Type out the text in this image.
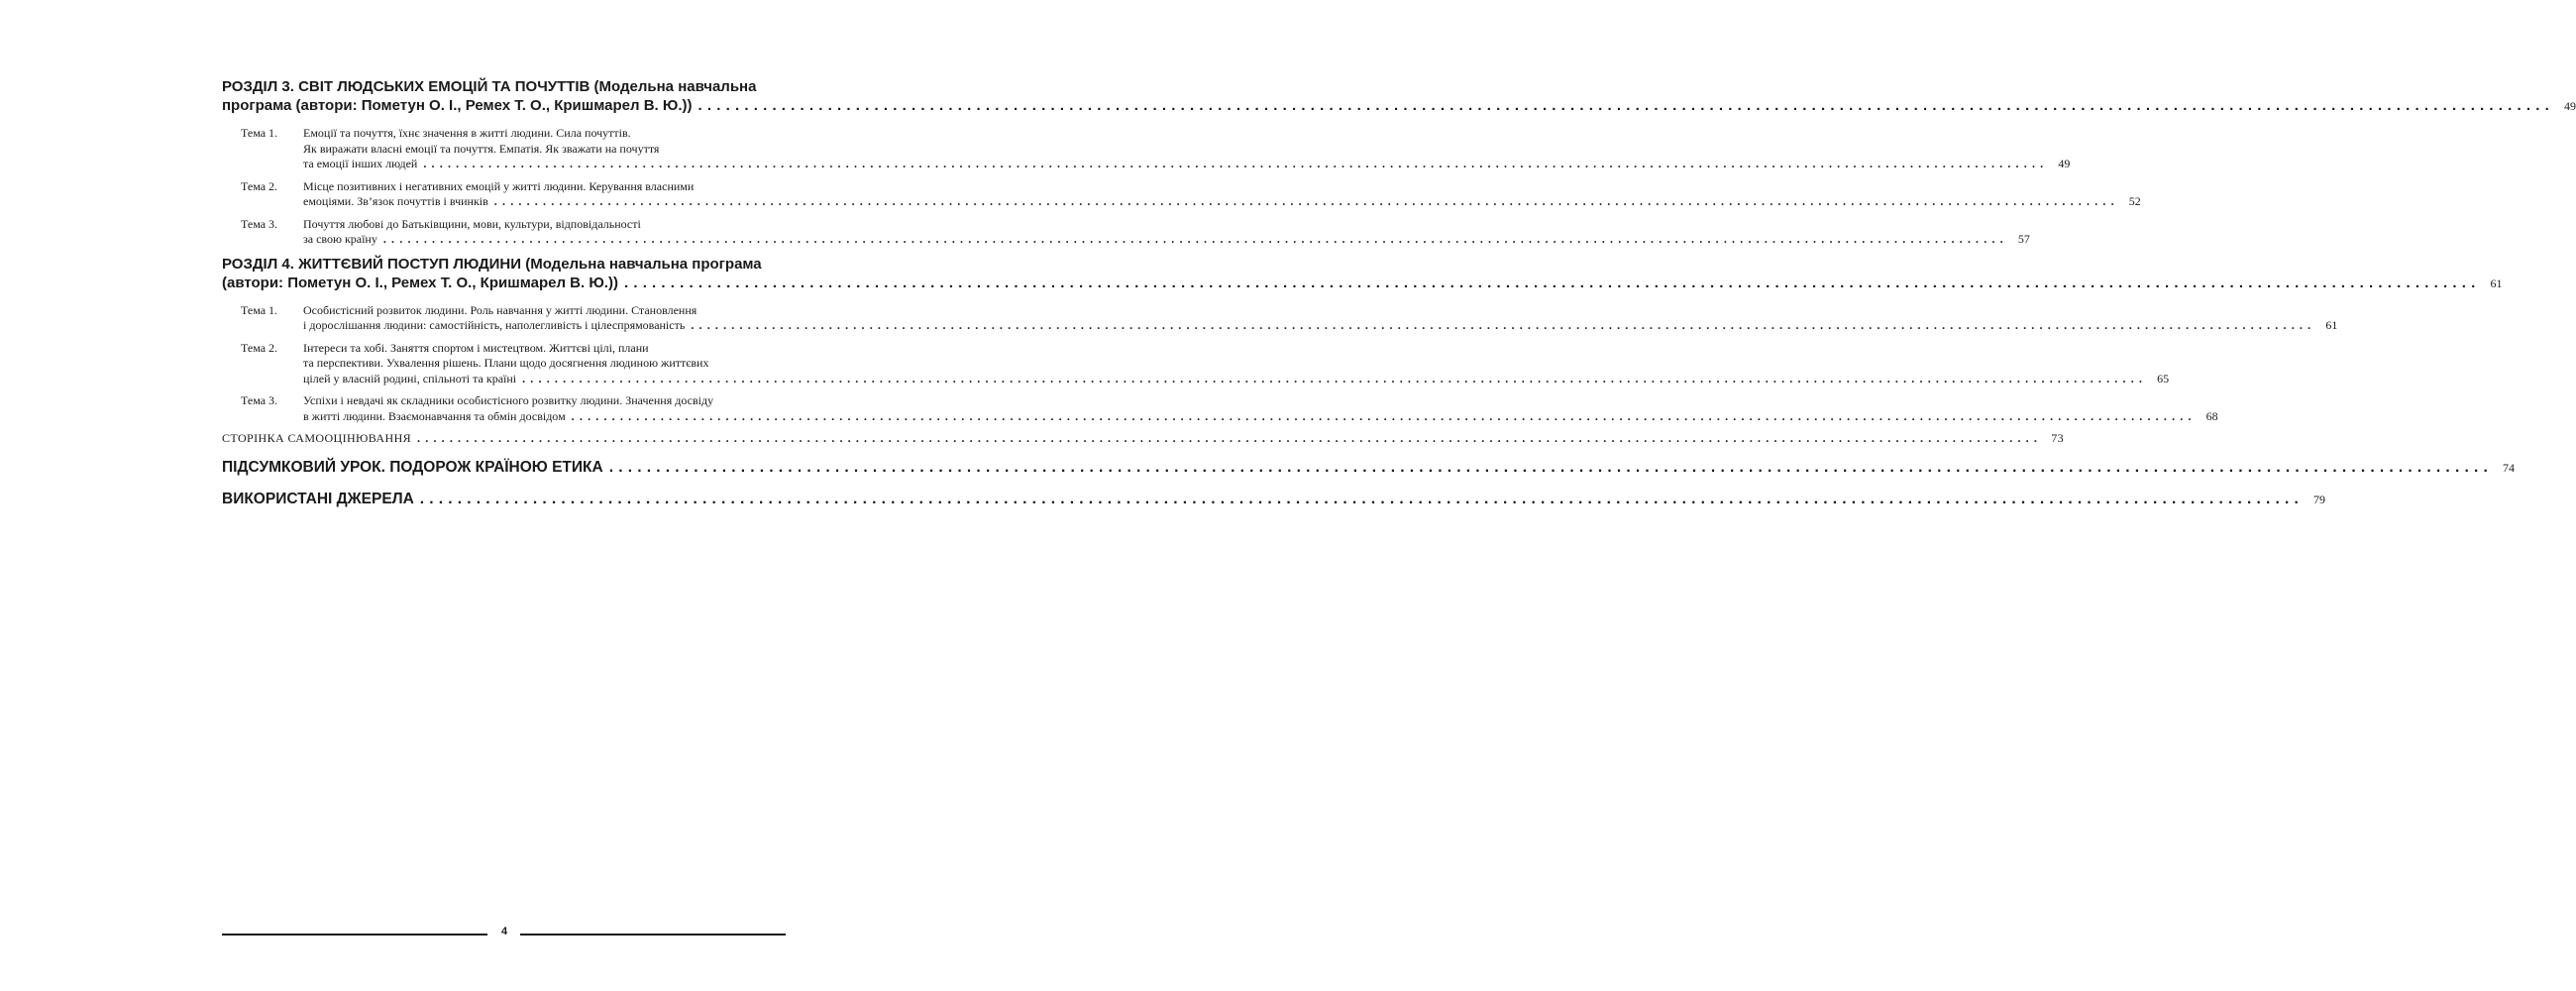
РОЗДІЛ 3. СВІТ ЛЮДСЬКИХ ЕМОЦІЙ ТА ПОЧУТТІВ (Модельна навчальна
програма (автори: Пометун О. І., Ремех Т. О., Кришмарел В. Ю.)) ........................................................................................................................................................................................................ 49
Тема 1.	Емоції та почуття, їхнє значення в житті людини. Сила почуттів.
Як виражати власні емоції та почуття. Емпатія. Як зважати на почуття
та емоції інших людей ........................................................................................................................................................................................................ 49
Тема 2.	Місце позитивних і негативних емоцій у житті людини. Керування власними
емоціями. Зв’язок почуттів і вчинків ........................................................................................................................................................................................................ 52
Тема 3.	Почуття любові до Батьківщини, мови, культури, відповідальності
за свою країну ........................................................................................................................................................................................................ 57
РОЗДІЛ 4. ЖИТТЄВИЙ ПОСТУП ЛЮДИНИ (Модельна навчальна програма
(автори: Пометун О. І., Ремех Т. О., Кришмарел В. Ю.)) ........................................................................................................................................................................................................ 61
Тема 1.	Особистісний розвиток людини. Роль навчання у житті людини. Становлення
і дорослішання людини: самостійність, наполегливість і цілеспрямованість ........................................................................................................................................................................................................ 61
Тема 2.	Інтереси та хобі. Заняття спортом і мистецтвом. Життєві цілі, плани
та перспективи. Ухвалення рішень. Плани щодо досягнення людиною життєвих
цілей у власній родині, спільноті та країні ........................................................................................................................................................................................................ 65
Тема 3.	Успіхи і невдачі як складники особистісного розвитку людини. Значення досвіду
в житті людини. Взаємонавчання та обмін досвідом ........................................................................................................................................................................................................ 68
СТОРІНКА САМООЦІНЮВАННЯ ........................................................................................................................................................................................................ 73
ПІДСУМКОВИЙ УРОК. ПОДОРОЖ КРАЇНОЮ ЕТИКА ........................................................................................................................................................................................................ 74
ВИКОРИСТАНІ ДЖЕРЕЛА ........................................................................................................................................................................................................ 79
4
